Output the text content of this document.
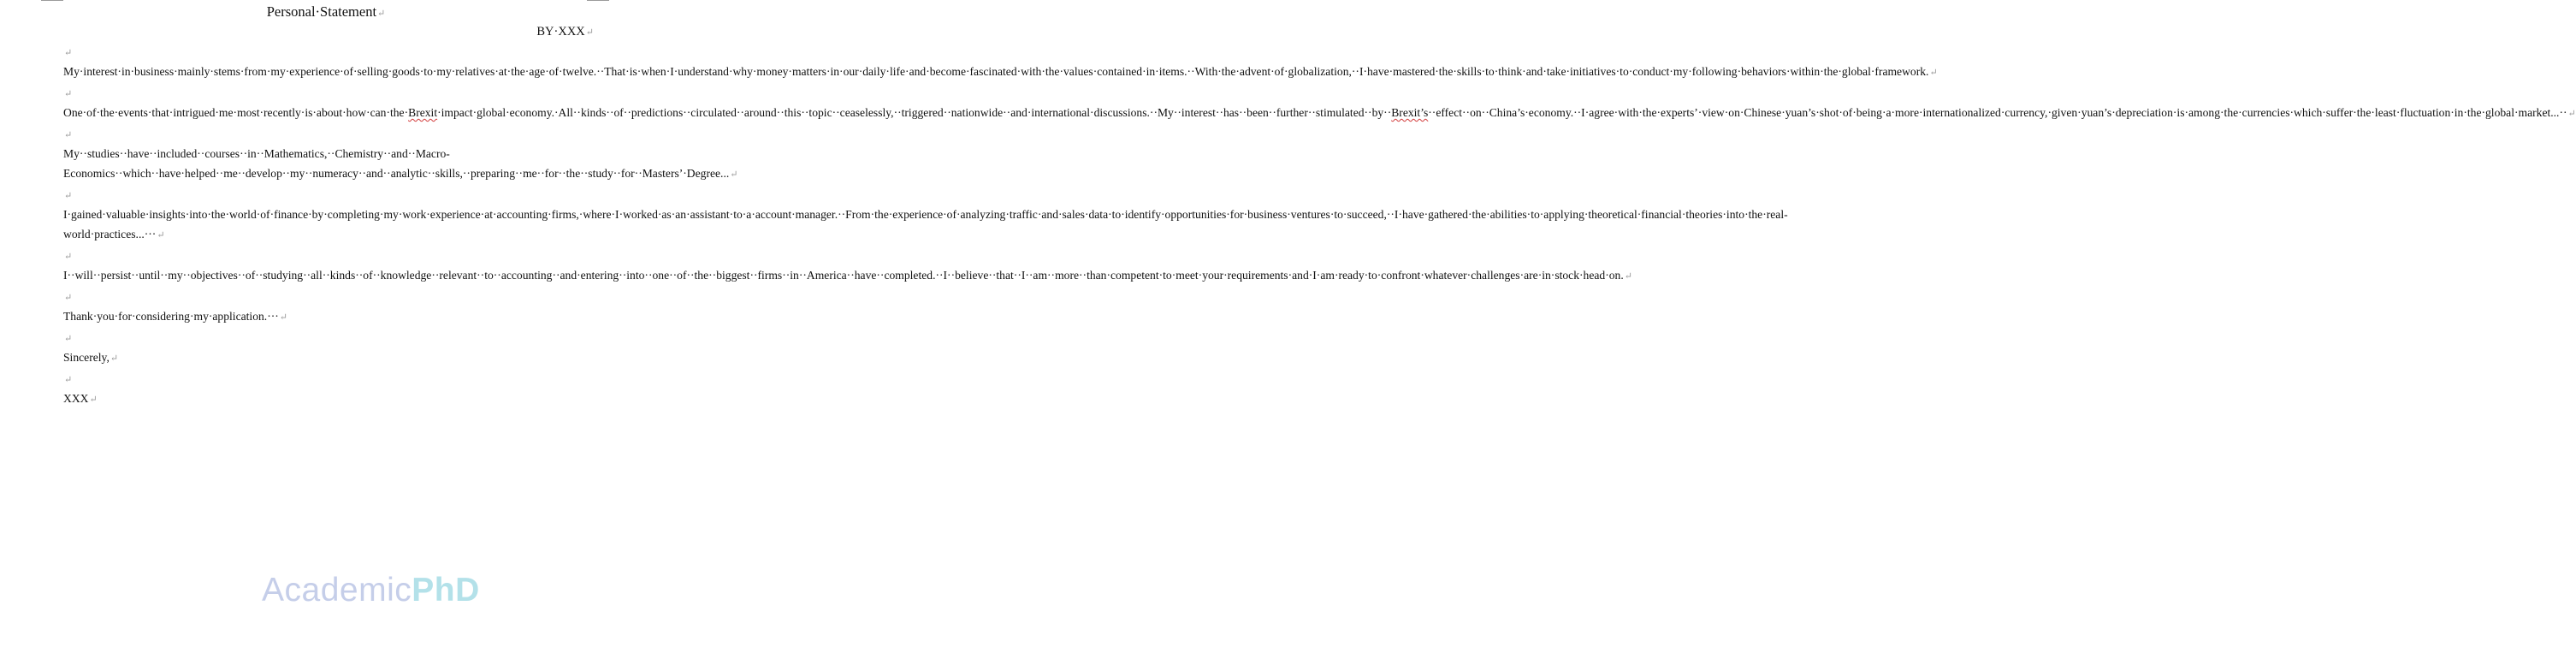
Personal·Statement↵
BY·XXX↵

↵

My·interest·in·business·mainly·stems·from·my·experience·of·selling·goods·to·my·relatives·at·the·age·of·twelve.··That·is·when·I·understand·why·money·matters·in·our·daily·life·and·become·fascinated·with·the·values·contained·in·items.··With·the·advent·of·globalization,··I·have·mastered·the·skills·to·think·and·take·initiatives·to·conduct·my·following·behaviors·within·the·global·framework.↵

↵

One·of·the·events·that·intrigued·me·most·recently·is·about·how·can·the·Brexit·impact·global·economy.·All··kinds··of··predictions··circulated··around··this··topic··ceaselessly,··triggered··nationwide··and·international·discussions.··My··interest··has··been··further··stimulated··by··Brexit’s··effect··on··China’s·economy.··I·agree·with·the·experts’·view·on·Chinese·yuan’s·shot·of·being·a·more·internationalized·currency,·given·yuan’s·depreciation·is·among·the·currencies·which·suffer·the·least·fluctuation·in·the·global·market...··↵

↵

My··studies··have··included··courses··in··Mathematics,··Chemistry··and··Macro-Economics··which··have·helped··me··develop··my··numeracy··and··analytic··skills,··preparing··me··for··the··study··for··Masters’·Degree...↵

↵

I·gained·valuable·insights·into·the·world·of·finance·by·completing·my·work·experience·at·accounting·firms,·where·I·worked·as·an·assistant·to·a·account·manager.··From·the·experience·of·analyzing·traffic·and·sales·data·to·identify·opportunities·for·business·ventures·to·succeed,··I·have·gathered·the·abilities·to·applying·theoretical·financial·theories·into·the·real-world·practices...···↵

↵

I··will··persist··until··my··objectives··of··studying··all··kinds··of··knowledge··relevant··to··accounting··and·entering··into··one··of··the··biggest··firms··in··America··have··completed.··I··believe··that··I··am··more··than·competent·to·meet·your·requirements·and·I·am·ready·to·confront·whatever·challenges·are·in·stock·head·on.↵

↵

Thank·you·for·considering·my·application.···↵

↵

Sincerely,↵

↵

XXX↵

AcademicPhD
